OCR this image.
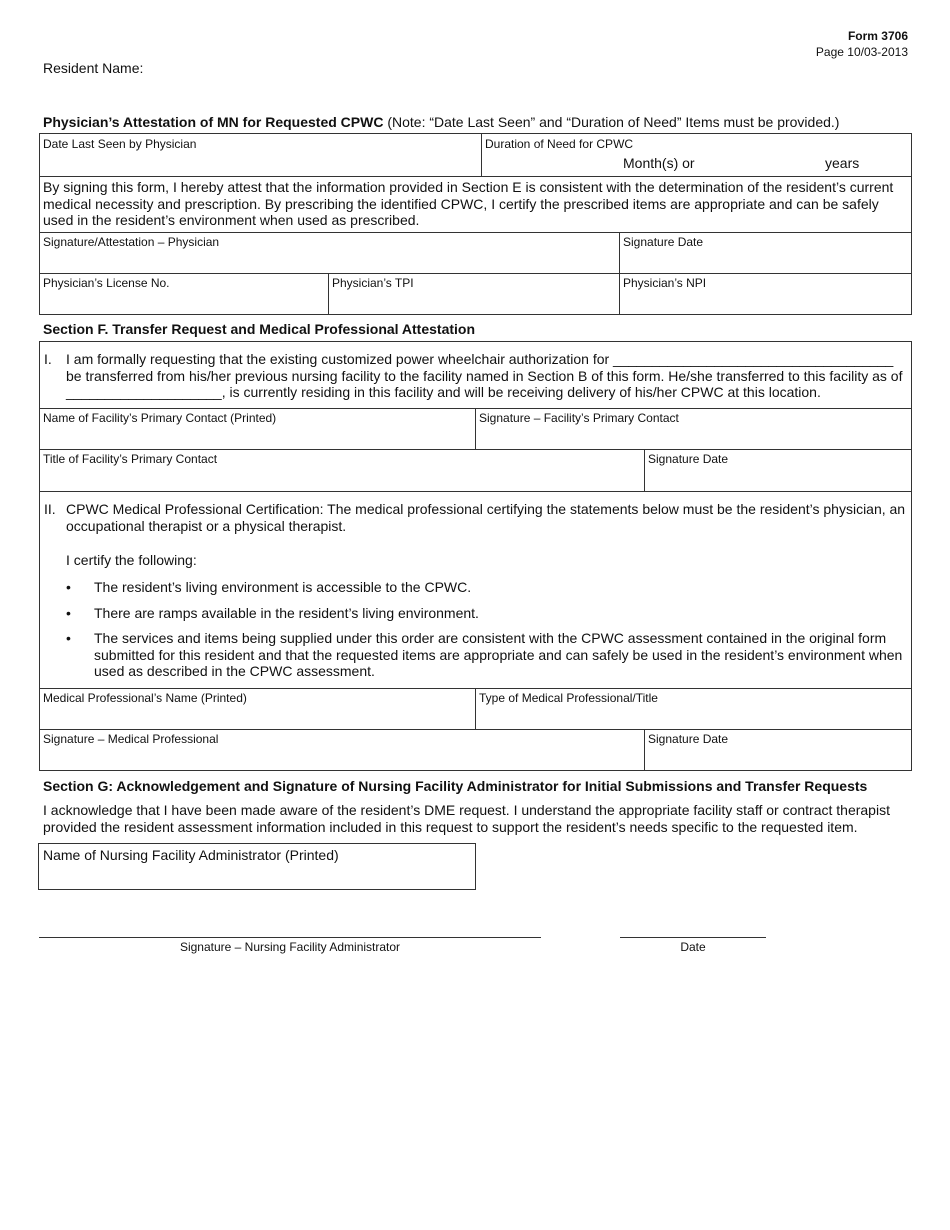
Form 3706
Page 10/03-2013
Resident Name:
Physician’s Attestation of MN for Requested CPWC (Note: “Date Last Seen” and “Duration of Need” Items must be provided.)
Date Last Seen by Physician	Duration of Need for CPWC
Month(s) or	years
By signing this form, I hereby attest that the information provided in Section E is consistent with the determination of the resident’s current medical necessity and prescription. By prescribing the identified CPWC, I certify the prescribed items are appropriate and can be safely used in the resident’s environment when used as prescribed.
Signature/Attestation – Physician	Signature Date
Physician’s License No.	Physician’s TPI	Physician’s NPI
Section F. Transfer Request and Medical Professional Attestation
I. I am formally requesting that the existing customized power wheelchair authorization for ____________________________________ be transferred from his/her previous nursing facility to the facility named in Section B of this form. He/she transferred to this facility as of ____________________, is currently residing in this facility and will be receiving delivery of his/her CPWC at this location.
Name of Facility’s Primary Contact (Printed)	Signature – Facility’s Primary Contact
Title of Facility’s Primary Contact	Signature Date
II. CPWC Medical Professional Certification: The medical professional certifying the statements below must be the resident’s physician, an occupational therapist or a physical therapist.
I certify the following:
• The resident’s living environment is accessible to the CPWC.
• There are ramps available in the resident’s living environment.
• The services and items being supplied under this order are consistent with the CPWC assessment contained in the original form submitted for this resident and that the requested items are appropriate and can safely be used in the resident’s environment when used as described in the CPWC assessment.
Medical Professional’s Name (Printed)	Type of Medical Professional/Title
Signature – Medical Professional	Signature Date
Section G: Acknowledgement and Signature of Nursing Facility Administrator for Initial Submissions and Transfer Requests
I acknowledge that I have been made aware of the resident’s DME request. I understand the appropriate facility staff or contract therapist provided the resident assessment information included in this request to support the resident’s needs specific to the requested item.
Name of Nursing Facility Administrator (Printed)
Signature – Nursing Facility Administrator	Date
